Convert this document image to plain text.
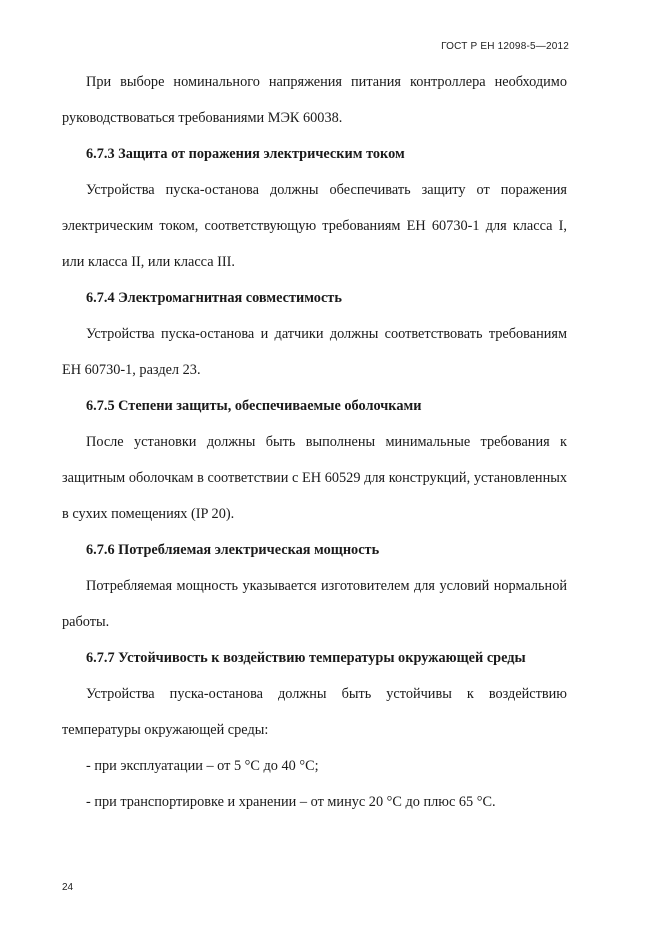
ГОСТ Р ЕН 12098-5—2012

При выборе номинального напряжения питания контроллера необходимо руководствоваться требованиями МЭК 60038.

6.7.3 Защита от поражения электрическим током

Устройства пуска-останова должны обеспечивать защиту от поражения электрическим током, соответствующую требованиям ЕН 60730-1 для класса I, или класса II, или класса III.

6.7.4 Электромагнитная совместимость

Устройства пуска-останова и датчики должны соответствовать требованиям ЕН 60730-1, раздел 23.

6.7.5 Степени защиты, обеспечиваемые оболочками

После установки должны быть выполнены минимальные требования к защитным оболочкам в соответствии с ЕН 60529 для конструкций, установленных в сухих помещениях (IP 20).

6.7.6 Потребляемая электрическая мощность

Потребляемая мощность указывается изготовителем для условий нормальной работы.

6.7.7 Устойчивость к воздействию температуры окружающей среды

Устройства пуска-останова должны быть устойчивы к воздействию температуры окружающей среды:

- при эксплуатации – от 5 °С до 40 °С;

- при транспортировке и хранении – от минус 20 °С до плюс 65 °С.

24
